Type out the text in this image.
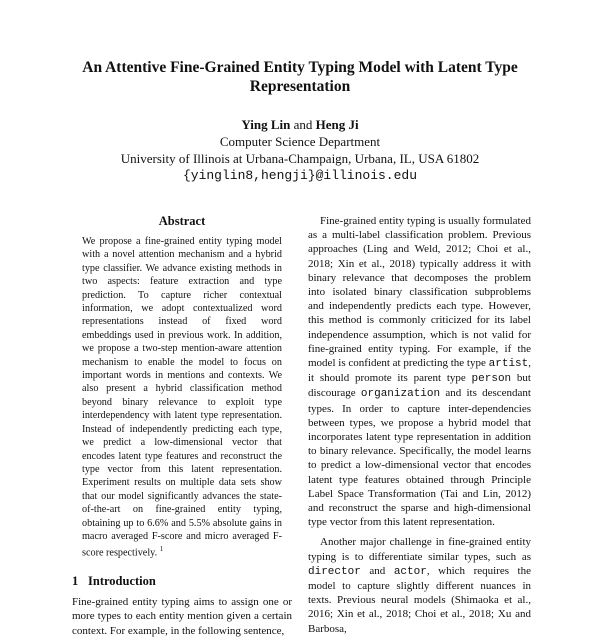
An Attentive Fine-Grained Entity Typing Model with Latent Type Representation
Ying Lin and Heng Ji
Computer Science Department
University of Illinois at Urbana-Champaign, Urbana, IL, USA 61802
{yinglin8,hengji}@illinois.edu
Abstract

We propose a fine-grained entity typing model with a novel attention mechanism and a hybrid type classifier. We advance existing methods in two aspects: feature extraction and type prediction. To capture richer contextual information, we adopt contextualized word representations instead of fixed word embeddings used in previous work. In addition, we propose a two-step mention-aware attention mechanism to enable the model to focus on important words in mentions and contexts. We also present a hybrid classification method beyond binary relevance to exploit type interdependency with latent type representation. Instead of independently predicting each type, we predict a low-dimensional vector that encodes latent type features and reconstruct the type vector from this latent representation. Experiment results on multiple data sets show that our model significantly advances the state-of-the-art on fine-grained entity typing, obtaining up to 6.6% and 5.5% absolute gains in macro averaged F-score and micro averaged F-score respectively. $^1$

1 Introduction

Fine-grained entity typing aims to assign one or more types to each entity mention given a certain context. For example, in the following sentence,

Fine-grained entity typing is usually formulated as a multi-label classification problem. Previous approaches (Ling and Weld, 2012; Choi et al., 2018; Xin et al., 2018) typically address it with binary relevance that decomposes the problem into isolated binary classification subproblems and independently predicts each type. However, this method is commonly criticized for its label independence assumption, which is not valid for fine-grained entity typing. For example, if the model is confident at predicting the type artist, it should promote its parent type person but discourage organization and its descendant types. In order to capture inter-dependencies between types, we propose a hybrid model that incorporates latent type representation in addition to binary relevance. Specifically, the model learns to predict a low-dimensional vector that encodes latent type features obtained through Principle Label Space Transformation (Tai and Lin, 2012) and reconstruct the sparse and high-dimensional type vector from this latent representation.

Another major challenge in fine-grained entity typing is to differentiate similar types, such as director and actor, which requires the model to capture slightly different nuances in texts. Previous neural models (Shimaoka et al., 2016; Xin et al., 2018; Choi et al., 2018; Xu and Barbosa,
